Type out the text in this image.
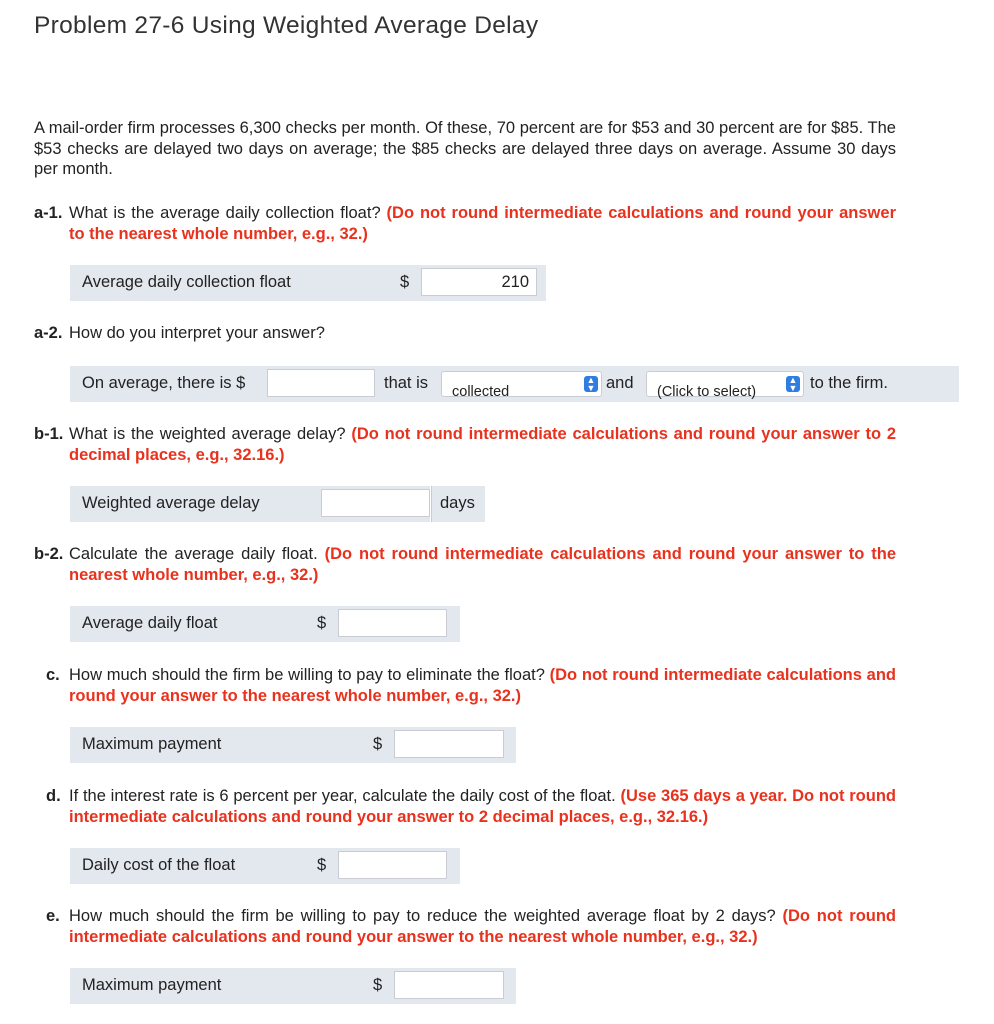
Problem 27-6 Using Weighted Average Delay
A mail-order firm processes 6,300 checks per month. Of these, 70 percent are for $53 and 30 percent are for $85. The $53 checks are delayed two days on average; the $85 checks are delayed three days on average. Assume 30 days per month.
a-1. What is the average daily collection float? (Do not round intermediate calculations and round your answer to the nearest whole number, e.g., 32.)
Average daily collection float	$	210
a-2. How do you interpret your answer?
On average, there is $	that is collected
▲
▼ and (Click to select)
▲
▼ to the firm.
b-1. What is the weighted average delay? (Do not round intermediate calculations and round your answer to 2 decimal places, e.g., 32.16.)
Weighted average delay	days
b-2. Calculate the average daily float. (Do not round intermediate calculations and round your answer to the nearest whole number, e.g., 32.)
Average daily float	$
c. How much should the firm be willing to pay to eliminate the float? (Do not round intermediate calculations and round your answer to the nearest whole number, e.g., 32.)
Maximum payment	$
d. If the interest rate is 6 percent per year, calculate the daily cost of the float. (Use 365 days a year. Do not round intermediate calculations and round your answer to 2 decimal places, e.g., 32.16.)
Daily cost of the float	$
e. How much should the firm be willing to pay to reduce the weighted average float by 2 days? (Do not round intermediate calculations and round your answer to the nearest whole number, e.g., 32.)
Maximum payment	$
